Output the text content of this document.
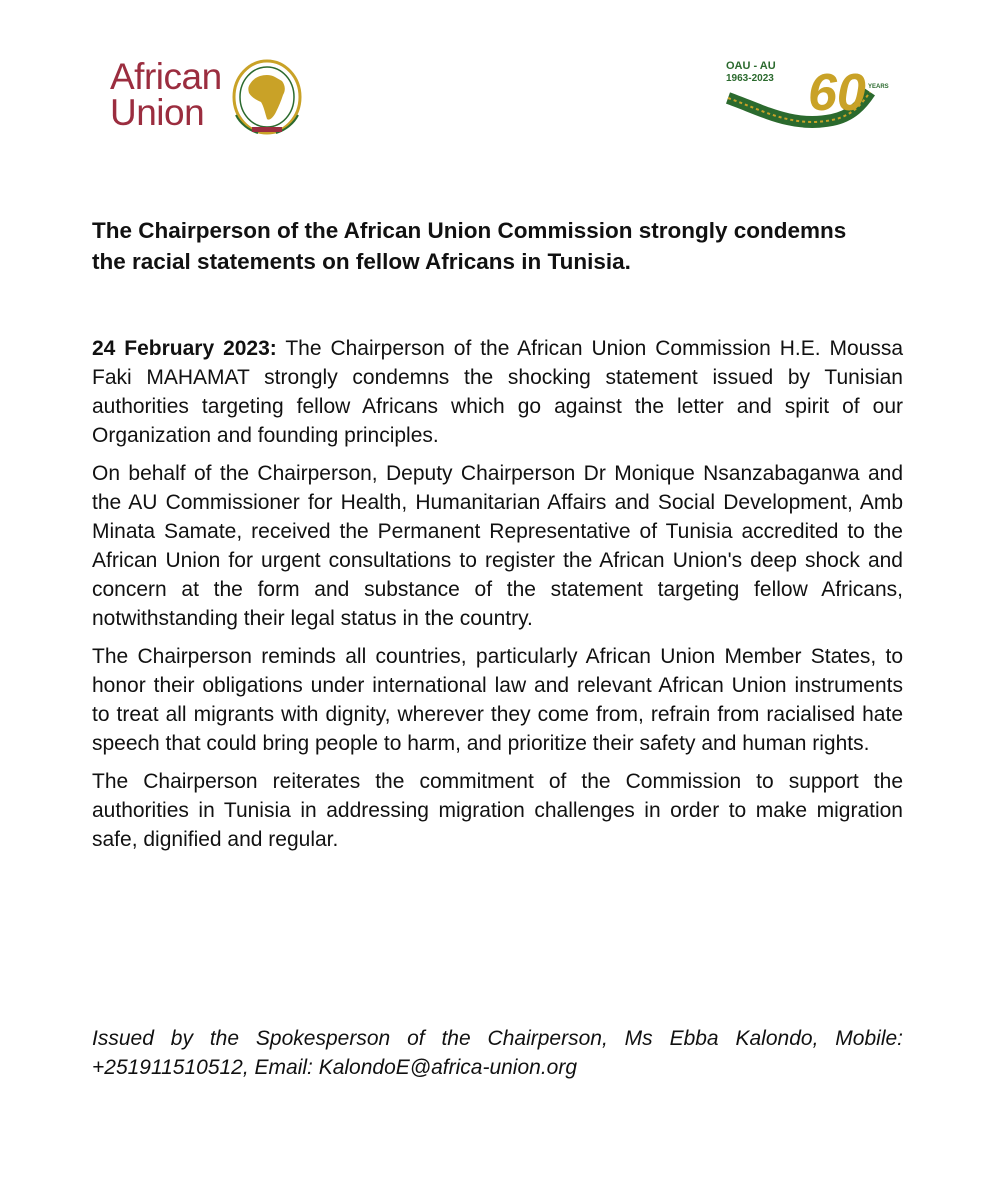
African
Union
OAU - AU
1963-2023 60 YEARS
The Chairperson of the African Union Commission strongly condemns the racial statements on fellow Africans in Tunisia.

24 February 2023: The Chairperson of the African Union Commission H.E. Moussa Faki MAHAMAT strongly condemns the shocking statement issued by Tunisian authorities targeting fellow Africans which go against the letter and spirit of our Organization and founding principles.

On behalf of the Chairperson, Deputy Chairperson Dr Monique Nsanzabaganwa and the AU Commissioner for Health, Humanitarian Affairs and Social Development, Amb Minata Samate, received the Permanent Representative of Tunisia accredited to the African Union for urgent consultations to register the African Union's deep shock and concern at the form and substance of the statement targeting fellow Africans, notwithstanding their legal status in the country.

The Chairperson reminds all countries, particularly African Union Member States, to honor their obligations under international law and relevant African Union instruments to treat all migrants with dignity, wherever they come from, refrain from racialised hate speech that could bring people to harm, and prioritize their safety and human rights.

The Chairperson reiterates the commitment of the Commission to support the authorities in Tunisia in addressing migration challenges in order to make migration safe, dignified and regular.

Issued by the Spokesperson of the Chairperson, Ms Ebba Kalondo, Mobile: +251911510512, Email: KalondoE@africa-union.org
